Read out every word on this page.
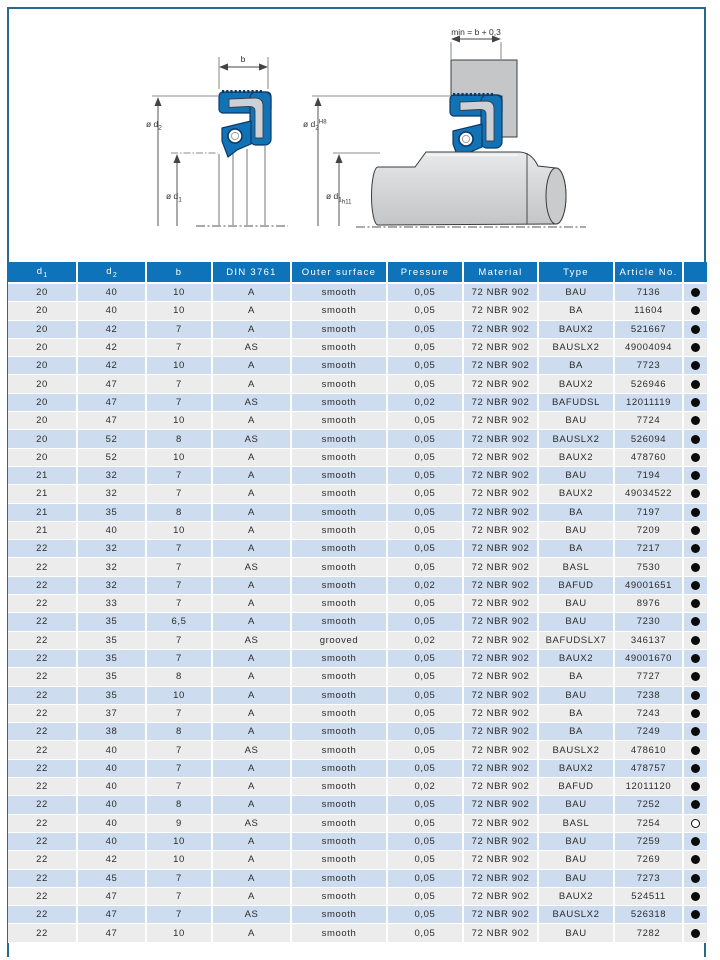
b
ø $d_2$
ø $d_1$
min = b + 0,3
ø $d_2^{H8}$
ø $d_{1h11}$
$d_1$	$d_2$	b	DIN 3761	Outer surface	Pressure	Material	Type	Article No.	
20	40	10	A	smooth	0,05	72 NBR 902	BAU	7136	
20	40	10	A	smooth	0,05	72 NBR 902	BA	11604	
20	42	7	A	smooth	0,05	72 NBR 902	BAUX2	521667	
20	42	7	AS	smooth	0,05	72 NBR 902	BAUSLX2	49004094	
20	42	10	A	smooth	0,05	72 NBR 902	BA	7723	
20	47	7	A	smooth	0,05	72 NBR 902	BAUX2	526946	
20	47	7	AS	smooth	0,02	72 NBR 902	BAFUDSL	12011119	
20	47	10	A	smooth	0,05	72 NBR 902	BAU	7724	
20	52	8	AS	smooth	0,05	72 NBR 902	BAUSLX2	526094	
20	52	10	A	smooth	0,05	72 NBR 902	BAUX2	478760	
21	32	7	A	smooth	0,05	72 NBR 902	BAU	7194	
21	32	7	A	smooth	0,05	72 NBR 902	BAUX2	49034522	
21	35	8	A	smooth	0,05	72 NBR 902	BA	7197	
21	40	10	A	smooth	0,05	72 NBR 902	BAU	7209	
22	32	7	A	smooth	0,05	72 NBR 902	BA	7217	
22	32	7	AS	smooth	0,05	72 NBR 902	BASL	7530	
22	32	7	A	smooth	0,02	72 NBR 902	BAFUD	49001651	
22	33	7	A	smooth	0,05	72 NBR 902	BAU	8976	
22	35	6,5	A	smooth	0,05	72 NBR 902	BAU	7230	
22	35	7	AS	grooved	0,02	72 NBR 902	BAFUDSLX7	346137	
22	35	7	A	smooth	0,05	72 NBR 902	BAUX2	49001670	
22	35	8	A	smooth	0,05	72 NBR 902	BA	7727	
22	35	10	A	smooth	0,05	72 NBR 902	BAU	7238	
22	37	7	A	smooth	0,05	72 NBR 902	BA	7243	
22	38	8	A	smooth	0,05	72 NBR 902	BA	7249	
22	40	7	AS	smooth	0,05	72 NBR 902	BAUSLX2	478610	
22	40	7	A	smooth	0,05	72 NBR 902	BAUX2	478757	
22	40	7	A	smooth	0,02	72 NBR 902	BAFUD	12011120	
22	40	8	A	smooth	0,05	72 NBR 902	BAU	7252	
22	40	9	AS	smooth	0,05	72 NBR 902	BASL	7254	
22	40	10	A	smooth	0,05	72 NBR 902	BAU	7259	
22	42	10	A	smooth	0,05	72 NBR 902	BAU	7269	
22	45	7	A	smooth	0,05	72 NBR 902	BAU	7273	
22	47	7	A	smooth	0,05	72 NBR 902	BAUX2	524511	
22	47	7	AS	smooth	0,05	72 NBR 902	BAUSLX2	526318	
22	47	10	A	smooth	0,05	72 NBR 902	BAU	7282	
